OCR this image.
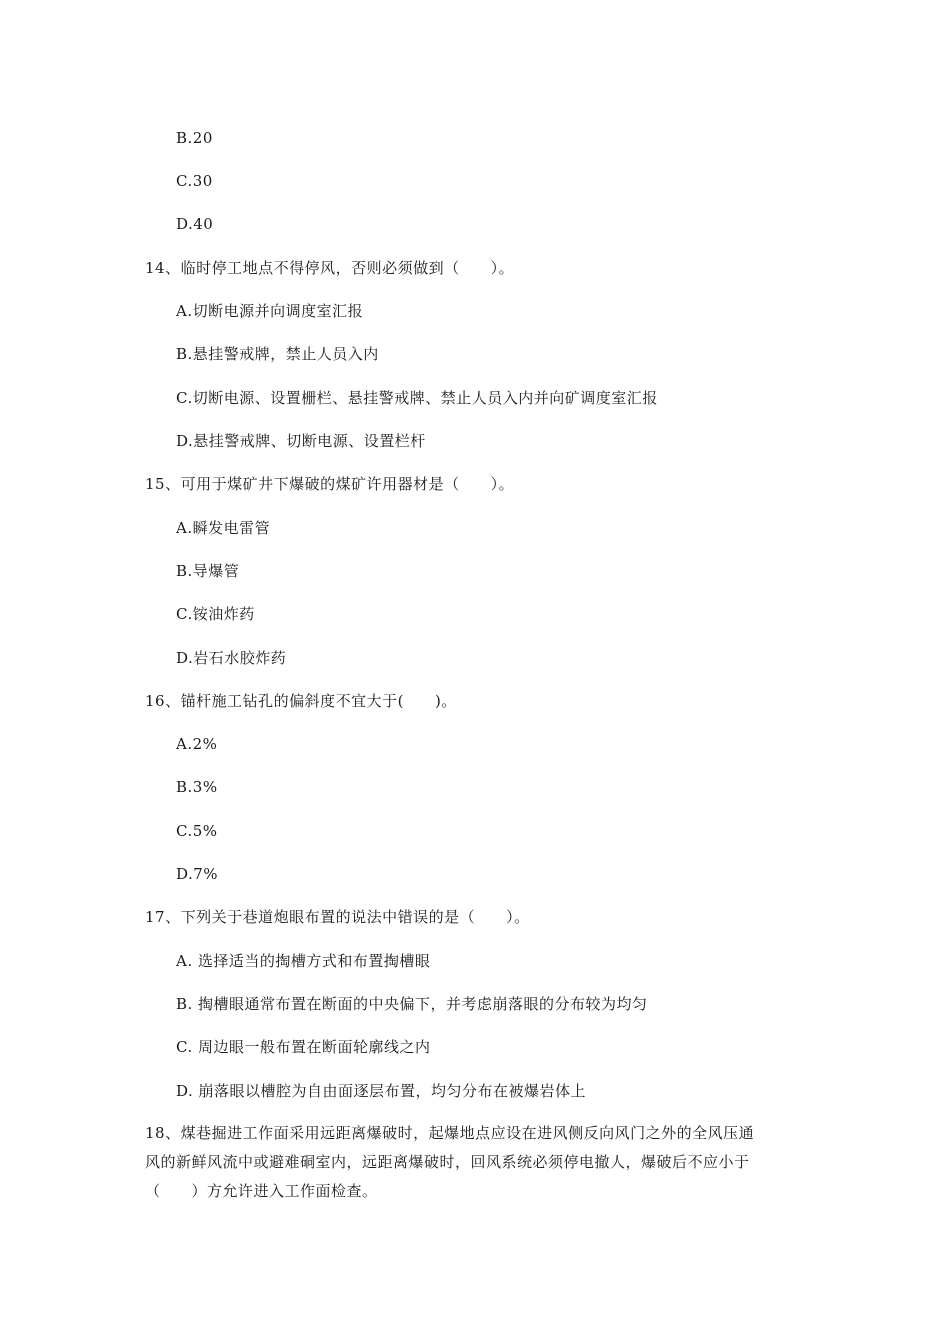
B.20
C.30
D.40
14、临时停工地点不得停风，否则必须做到（　　）。
A.切断电源并向调度室汇报
B.悬挂警戒牌，禁止人员入内
C.切断电源、设置栅栏、悬挂警戒牌、禁止人员入内并向矿调度室汇报
D.悬挂警戒牌、切断电源、设置栏杆
15、可用于煤矿井下爆破的煤矿许用器材是（　　）。
A.瞬发电雷管
B.导爆管
C.铵油炸药
D.岩石水胶炸药
16、锚杆施工钻孔的偏斜度不宜大于(　　)。
A.2%
B.3%
C.5%
D.7%
17、下列关于巷道炮眼布置的说法中错误的是（　　）。
A. 选择适当的掏槽方式和布置掏槽眼
B. 掏槽眼通常布置在断面的中央偏下，并考虑崩落眼的分布较为均匀
C. 周边眼一般布置在断面轮廓线之内
D. 崩落眼以槽腔为自由面逐层布置，均匀分布在被爆岩体上
18、煤巷掘进工作面采用远距离爆破时，起爆地点应设在进风侧反向风门之外的全风压通
风的新鲜风流中或避难硐室内，远距离爆破时，回风系统必须停电撤人，爆破后不应小于
（　　）方允许进入工作面检查。
